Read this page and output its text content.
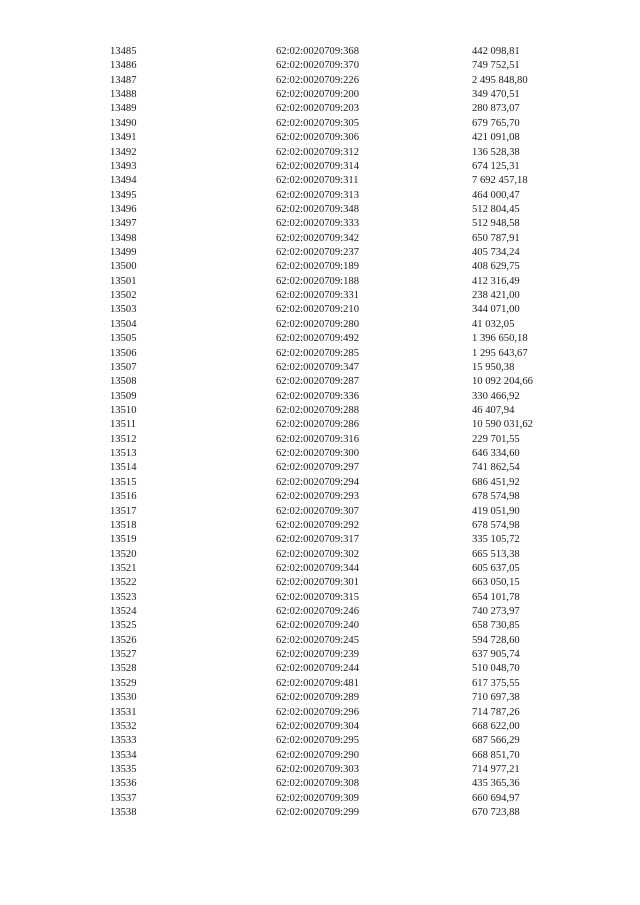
13485	62:02:0020709:368	442 098,81
13486	62:02:0020709:370	749 752,51
13487	62:02:0020709:226	2 495 848,80
13488	62:02:0020709:200	349 470,51
13489	62:02:0020709:203	280 873,07
13490	62:02:0020709:305	679 765,70
13491	62:02:0020709:306	421 091,08
13492	62:02:0020709:312	136 528,38
13493	62:02:0020709:314	674 125,31
13494	62:02:0020709:311	7 692 457,18
13495	62:02:0020709:313	464 000,47
13496	62:02:0020709:348	512 804,45
13497	62:02:0020709:333	512 948,58
13498	62:02:0020709:342	650 787,91
13499	62:02:0020709:237	405 734,24
13500	62:02:0020709:189	408 629,75
13501	62:02:0020709:188	412 316,49
13502	62:02:0020709:331	238 421,00
13503	62:02:0020709:210	344 071,00
13504	62:02:0020709:280	41 032,05
13505	62:02:0020709:492	1 396 650,18
13506	62:02:0020709:285	1 295 643,67
13507	62:02:0020709:347	15 950,38
13508	62:02:0020709:287	10 092 204,66
13509	62:02:0020709:336	330 466,92
13510	62:02:0020709:288	46 407,94
13511	62:02:0020709:286	10 590 031,62
13512	62:02:0020709:316	229 701,55
13513	62:02:0020709:300	646 334,60
13514	62:02:0020709:297	741 862,54
13515	62:02:0020709:294	686 451,92
13516	62:02:0020709:293	678 574,98
13517	62:02:0020709:307	419 051,90
13518	62:02:0020709:292	678 574,98
13519	62:02:0020709:317	335 105,72
13520	62:02:0020709:302	665 513,38
13521	62:02:0020709:344	605 637,05
13522	62:02:0020709:301	663 050,15
13523	62:02:0020709:315	654 101,78
13524	62:02:0020709:246	740 273,97
13525	62:02:0020709:240	658 730,85
13526	62:02:0020709:245	594 728,60
13527	62:02:0020709:239	637 905,74
13528	62:02:0020709:244	510 048,70
13529	62:02:0020709:481	617 375,55
13530	62:02:0020709:289	710 697,38
13531	62:02:0020709:296	714 787,26
13532	62:02:0020709:304	668 622,00
13533	62:02:0020709:295	687 566,29
13534	62:02:0020709:290	668 851,70
13535	62:02:0020709:303	714 977,21
13536	62:02:0020709:308	435 365,36
13537	62:02:0020709:309	660 694,97
13538	62:02:0020709:299	670 723,88
